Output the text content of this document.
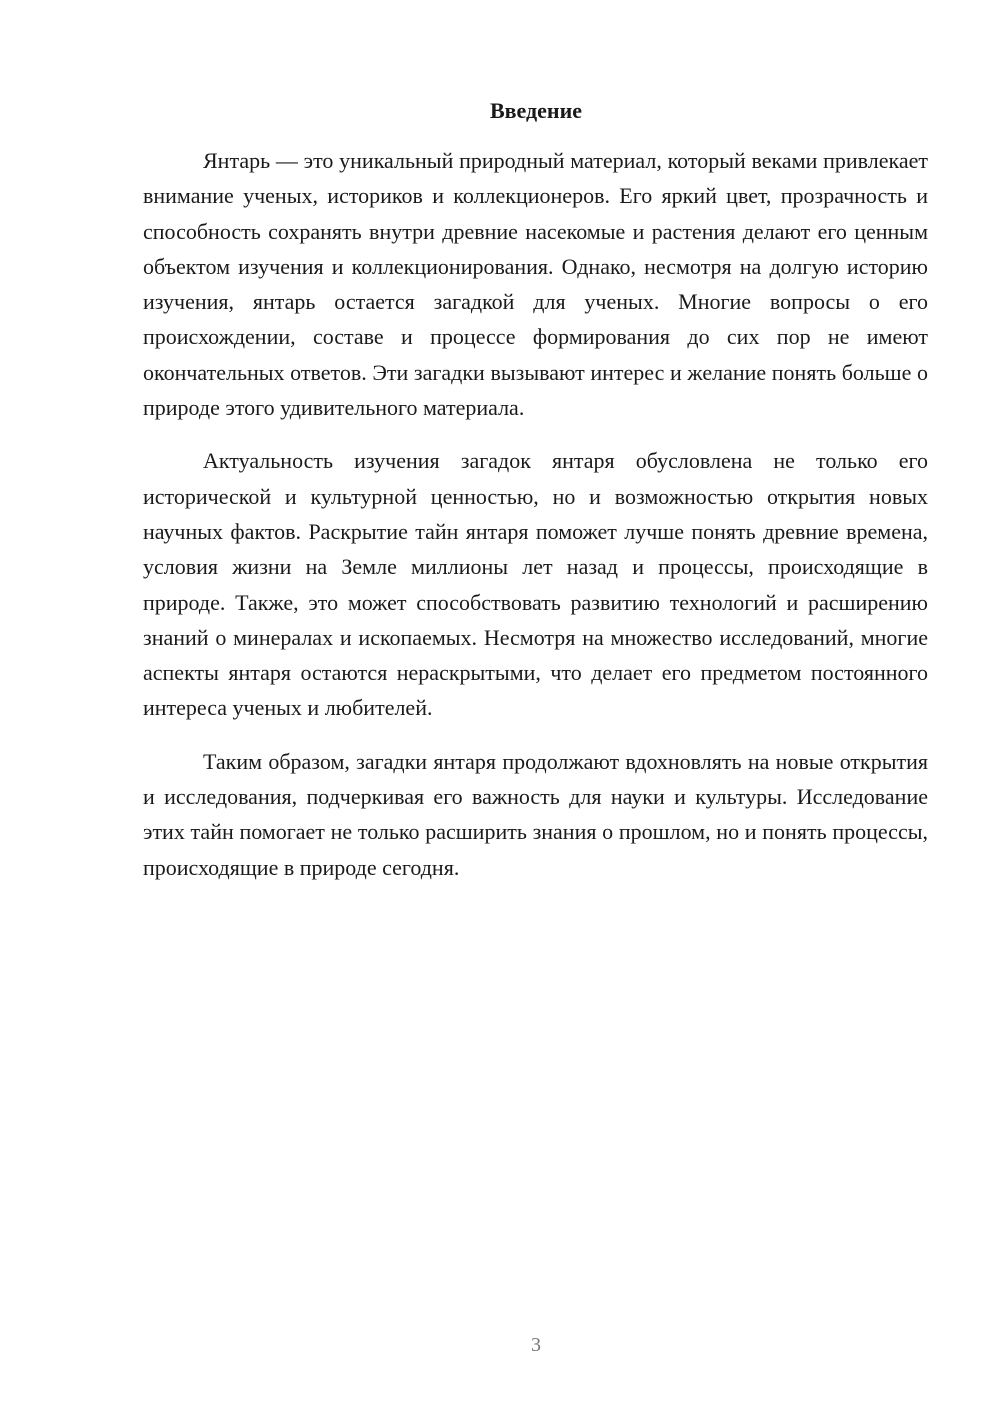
Введение

Янтарь — это уникальный природный материал, который веками привлекает внимание ученых, историков и коллекционеров. Его яркий цвет, прозрачность и способность сохранять внутри древние насекомые и растения делают его ценным объектом изучения и коллекционирования. Однако, несмотря на долгую историю изучения, янтарь остается загадкой для ученых. Многие вопросы о его происхождении, составе и процессе формирования до сих пор не имеют окончательных ответов. Эти загадки вызывают интерес и желание понять больше о природе этого удивительного материала.

Актуальность изучения загадок янтаря обусловлена не только его исторической и культурной ценностью, но и возможностью открытия новых научных фактов. Раскрытие тайн янтаря поможет лучше понять древние времена, условия жизни на Земле миллионы лет назад и процессы, происходящие в природе. Также, это может способствовать развитию технологий и расширению знаний о минералах и ископаемых. Несмотря на множество исследований, многие аспекты янтаря остаются нераскрытыми, что делает его предметом постоянного интереса ученых и любителей.

Таким образом, загадки янтаря продолжают вдохновлять на новые открытия и исследования, подчеркивая его важность для науки и культуры. Исследование этих тайн помогает не только расширить знания о прошлом, но и понять процессы, происходящие в природе сегодня.

3
